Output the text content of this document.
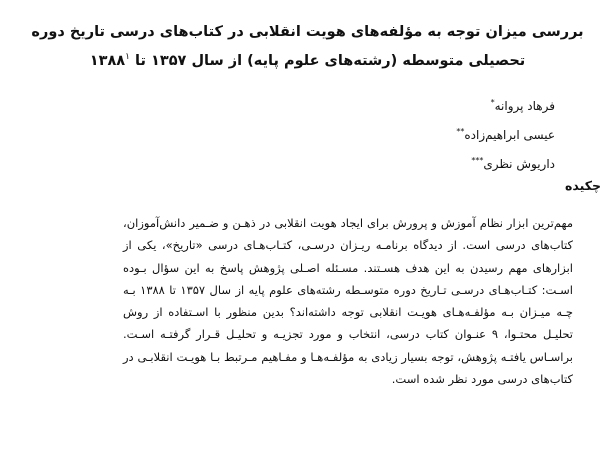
بررسی میزان توجه به مؤلفه‌های هویت انقلابی در کتاب‌های درسی تاریخ دوره
تحصیلی متوسطه (رشته‌های علوم پایه) از سال ۱۳۵۷ تا ۱۳۸۸$^۱$
فرهاد پروانه*
عیسی ابراهیم‌زاده**
داریوش نظری***
چکیده
مهم‌ترین ابزار نظام آموزش و پرورش برای ایجاد هویت انقلابی در ذهـن و ضـمیر دانش‌آموزان، کتاب‌های درسی است. از دیدگاه برنامـه ریـزان درسـی، کتـاب‌هـای درسی «تاریخ»، یکی از ابزارهای مهم رسیدن به این هدف هسـتند. مسـئله اصـلی پژوهش پاسخ به این سؤال بـوده اسـت: کتـاب‌هـای درسـی تـاریخ دوره متوسـطه رشته‌های علوم پایه از سال ۱۳۵۷ تا ۱۳۸۸ بـه چـه میـزان بـه مؤلفـه‌هـای هویـت انقلابی توجه داشته‌اند؟ بدین منظور با اسـتفاده از روش تحلیـل محتـوا، ۹ عنـوان کتاب درسی، انتخاب و مورد تجزیـه و تحلیـل قـرار گرفتـه اسـت. براسـاس یافتـه پژوهش، توجه بسیار زیادی به مؤلفـه‌هـا و مفـاهیم مـرتبط بـا هویـت انقلابـی در کتاب‌های درسی مورد نظر شده است.
